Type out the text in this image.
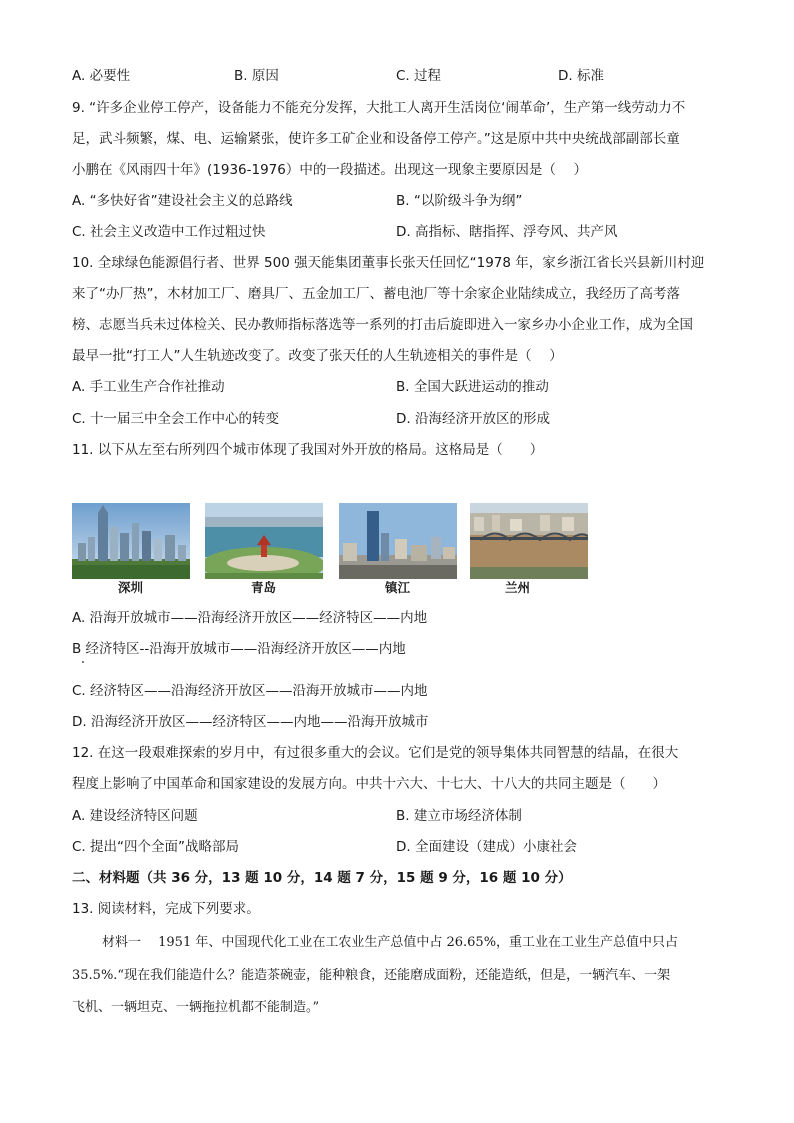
A. 必要性	B. 原因	C. 过程	D. 标准
9. “许多企业停工停产，设备能力不能充分发挥，大批工人离开生活岗位‘闹革命’，生产第一线劳动力不
足，武斗频繁，煤、电、运输紧张，使许多工矿企业和设备停工停产。”这是原中共中央统战部副部长童
小鹏在《风雨四十年》(1936-1976）中的一段描述。出现这一现象主要原因是（　 ）
A. “多快好省”建设社会主义的总路线	B. “以阶级斗争为纲”
C. 社会主义改造中工作过粗过快	D. 高指标、瞎指挥、浮夸风、共产风
10. 全球绿色能源倡行者、世界 500 强天能集团董事长张天任回忆“1978 年，家乡浙江省长兴县新川村迎
来了“办厂热”，木材加工厂、磨具厂、五金加工厂、蓄电池厂等十余家企业陆续成立，我经历了高考落
榜、志愿当兵未过体检关、民办教师指标落选等一系列的打击后旋即进入一家乡办小企业工作，成为全国
最早一批“打工人”人生轨迹改变了。改变了张天任的人生轨迹相关的事件是（　 ）
A. 手工业生产合作社推动	B. 全国大跃进运动的推动
C. 十一届三中全会工作中心的转变	D. 沿海经济开放区的形成
11. 以下从左至右所列四个城市体现了我国对外开放的格局。这格局是（　　）
深圳	青岛	镇江	兰州
A. 沿海开放城市——沿海经济开放区——经济特区——内地
B 经济特区--沿海开放城市——沿海经济开放区——内地
C. 经济特区——沿海经济开放区——沿海开放城市——内地
D. 沿海经济开放区——经济特区——内地——沿海开放城市
12. 在这一段艰难探索的岁月中，有过很多重大的会议。它们是党的领导集体共同智慧的结晶，在很大
程度上影响了中国革命和国家建设的发展方向。中共十六大、十七大、十八大的共同主题是（　　）
A. 建设经济特区问题	B. 建立市场经济体制
C. 提出“四个全面”战略部局	D. 全面建设（建成）小康社会
二、材料题（共 36 分，13 题 10 分，14 题 7 分，15 题 9 分，16 题 10 分）
13. 阅读材料，完成下列要求。
材料一　 1951 年、中国现代化工业在工农业生产总值中占 26.65%，重工业在工业生产总值中只占
35.5%.“现在我们能造什么？能造茶碗壶，能种粮食，还能磨成面粉，还能造纸，但是，一辆汽车、一架
飞机、一辆坦克、一辆拖拉机都不能制造。”
